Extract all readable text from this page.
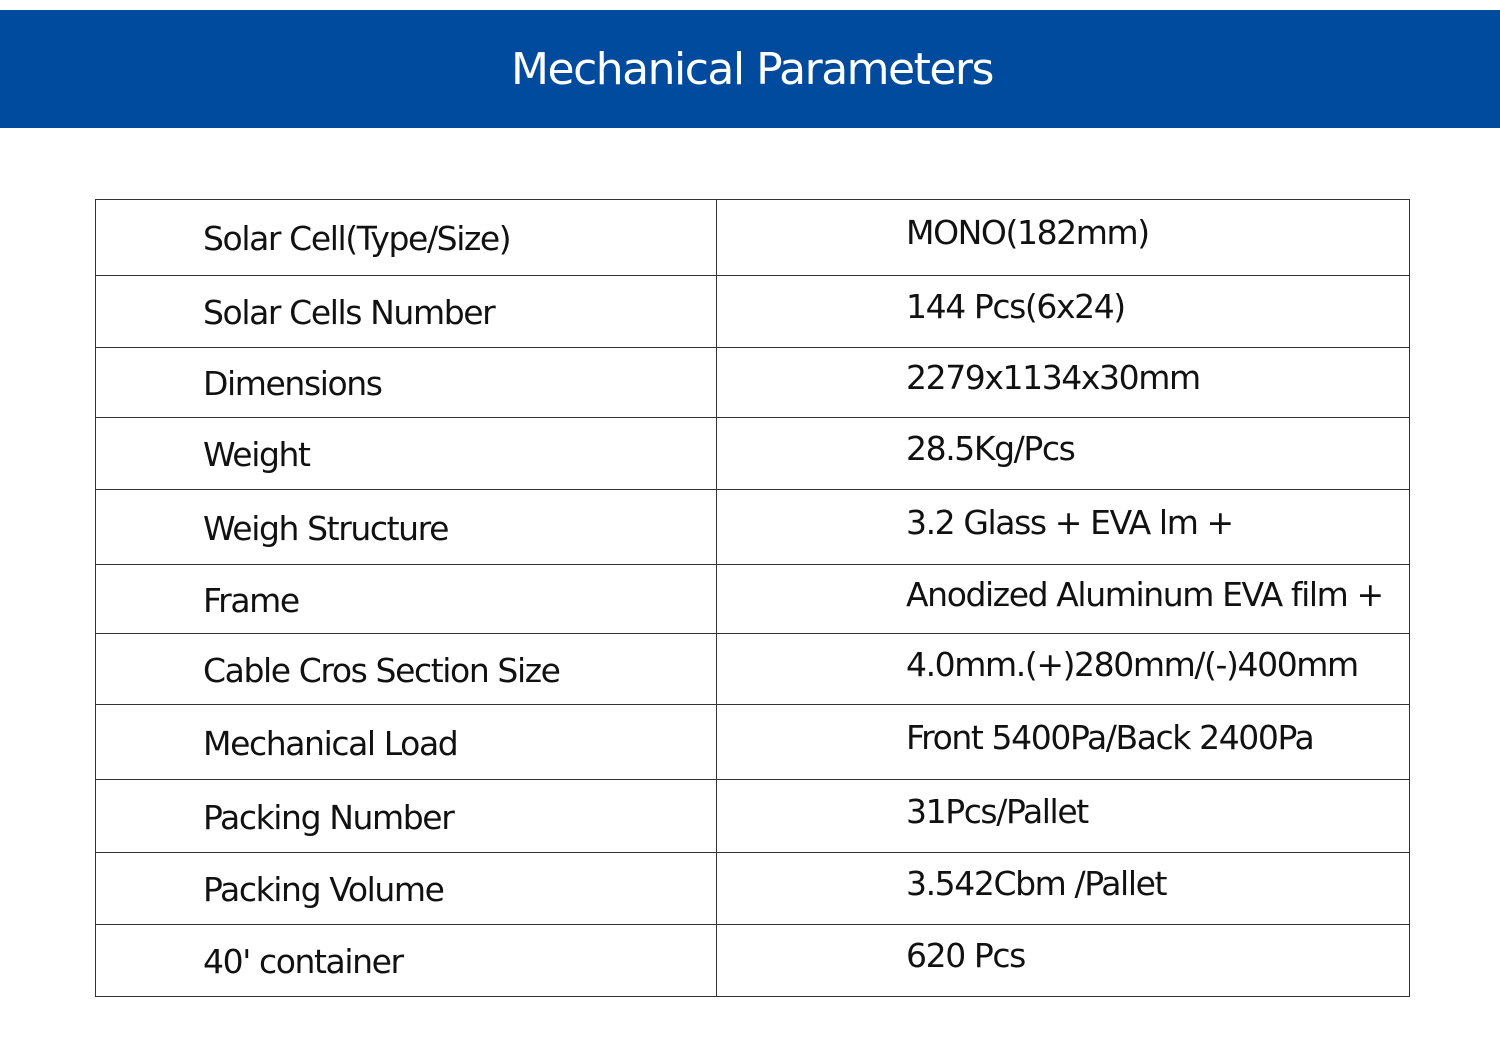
Mechanical Parameters
Solar Cell(Type/Size)	MONO(182mm)
Solar Cells Number	144 Pcs(6x24)
Dimensions	2279x1134x30mm
Weight	28.5Kg/Pcs
Weigh Structure	3.2 Glass + EVA lm +
Frame	Anodized Aluminum EVA film +
Cable Cros Section Size	4.0mm.(+)280mm/(-)400mm
Mechanical Load	Front 5400Pa/Back 2400Pa
Packing Number	31Pcs/Pallet
Packing Volume	3.542Cbm /Pallet
40' container	620 Pcs
